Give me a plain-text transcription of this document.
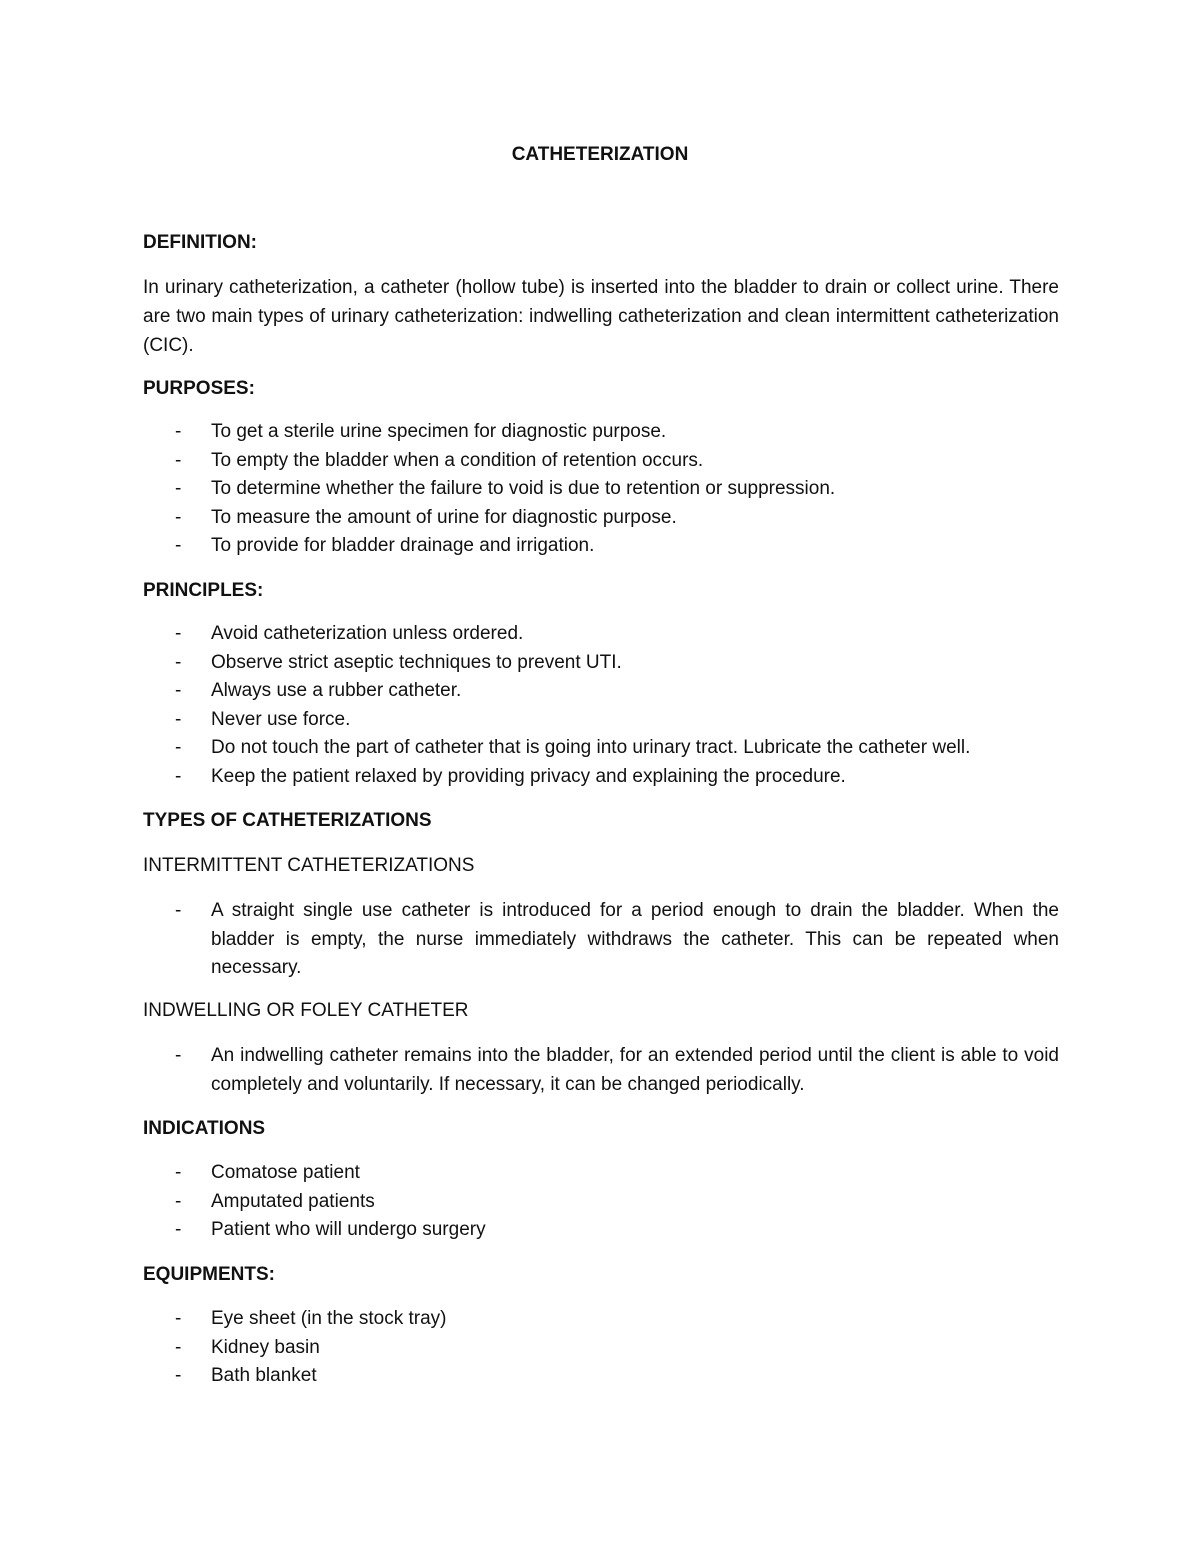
CATHETERIZATION
DEFINITION:

In urinary catheterization, a catheter (hollow tube) is inserted into the bladder to drain or collect urine. There are two main types of urinary catheterization: indwelling catheterization and clean intermittent catheterization (CIC).

PURPOSES:
- To get a sterile urine specimen for diagnostic purpose.
- To empty the bladder when a condition of retention occurs.
- To determine whether the failure to void is due to retention or suppression.
- To measure the amount of urine for diagnostic purpose.
- To provide for bladder drainage and irrigation.
PRINCIPLES:
- Avoid catheterization unless ordered.
- Observe strict aseptic techniques to prevent UTI.
- Always use a rubber catheter.
- Never use force.
- Do not touch the part of catheter that is going into urinary tract. Lubricate the catheter well.
- Keep the patient relaxed by providing privacy and explaining the procedure.
TYPES OF CATHETERIZATIONS
INTERMITTENT CATHETERIZATIONS
- A straight single use catheter is introduced for a period enough to drain the bladder. When the bladder is empty, the nurse immediately withdraws the catheter. This can be repeated when necessary.
INDWELLING OR FOLEY CATHETER
- An indwelling catheter remains into the bladder, for an extended period until the client is able to void completely and voluntarily. If necessary, it can be changed periodically.
INDICATIONS
- Comatose patient
- Amputated patients
- Patient who will undergo surgery
EQUIPMENTS:
- Eye sheet (in the stock tray)
- Kidney basin
- Bath blanket
